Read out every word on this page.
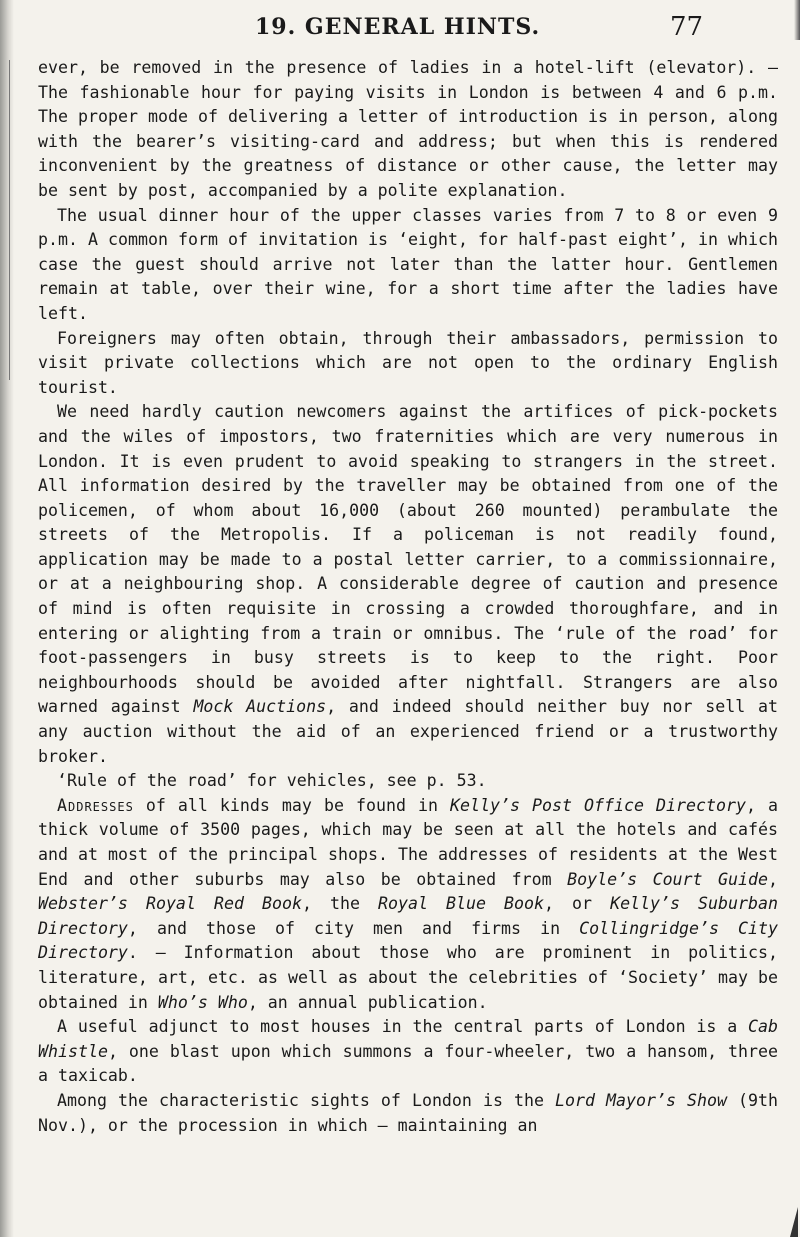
19. GENERAL HINTS.	77

ever, be removed in the presence of ladies in a hotel-lift (elevator). — The fashionable hour for paying visits in London is between 4 and 6 p.m. The proper mode of delivering a letter of introduction is in person, along with the bearer’s visiting-card and address; but when this is rendered inconvenient by the greatness of distance or other cause, the letter may be sent by post, accompanied by a polite explanation.

The usual dinner hour of the upper classes varies from 7 to 8 or even 9 p.m. A common form of invitation is ‘eight, for half-past eight’, in which case the guest should arrive not later than the latter hour. Gentlemen remain at table, over their wine, for a short time after the ladies have left.

Foreigners may often obtain, through their ambassadors, permission to visit private collections which are not open to the ordinary English tourist.

We need hardly caution newcomers against the artifices of pick-pockets and the wiles of impostors, two fraternities which are very numerous in London. It is even prudent to avoid speaking to strangers in the street. All information desired by the traveller may be obtained from one of the policemen, of whom about 16,000 (about 260 mounted) perambulate the streets of the Metropolis. If a policeman is not readily found, application may be made to a postal letter carrier, to a commissionnaire, or at a neighbouring shop. A considerable degree of caution and presence of mind is often requisite in crossing a crowded thoroughfare, and in entering or alighting from a train or omnibus. The ‘rule of the road’ for foot-passengers in busy streets is to keep to the right. Poor neighbourhoods should be avoided after nightfall. Strangers are also warned against Mock Auctions, and indeed should neither buy nor sell at any auction without the aid of an experienced friend or a trustworthy broker.

‘Rule of the road’ for vehicles, see p. 53.

Addresses of all kinds may be found in Kelly’s Post Office Directory, a thick volume of 3500 pages, which may be seen at all the hotels and cafés and at most of the principal shops. The addresses of residents at the West End and other suburbs may also be obtained from Boyle’s Court Guide, Webster’s Royal Red Book, the Royal Blue Book, or Kelly’s Suburban Directory, and those of city men and firms in Collingridge’s City Directory. — Information about those who are prominent in politics, literature, art, etc. as well as about the celebrities of ‘Society’ may be obtained in Who’s Who, an annual publication.

A useful adjunct to most houses in the central parts of London is a Cab Whistle, one blast upon which summons a four-wheeler, two a hansom, three a taxicab.

Among the characteristic sights of London is the Lord Mayor’s Show (9th Nov.), or the procession in which — maintaining an
